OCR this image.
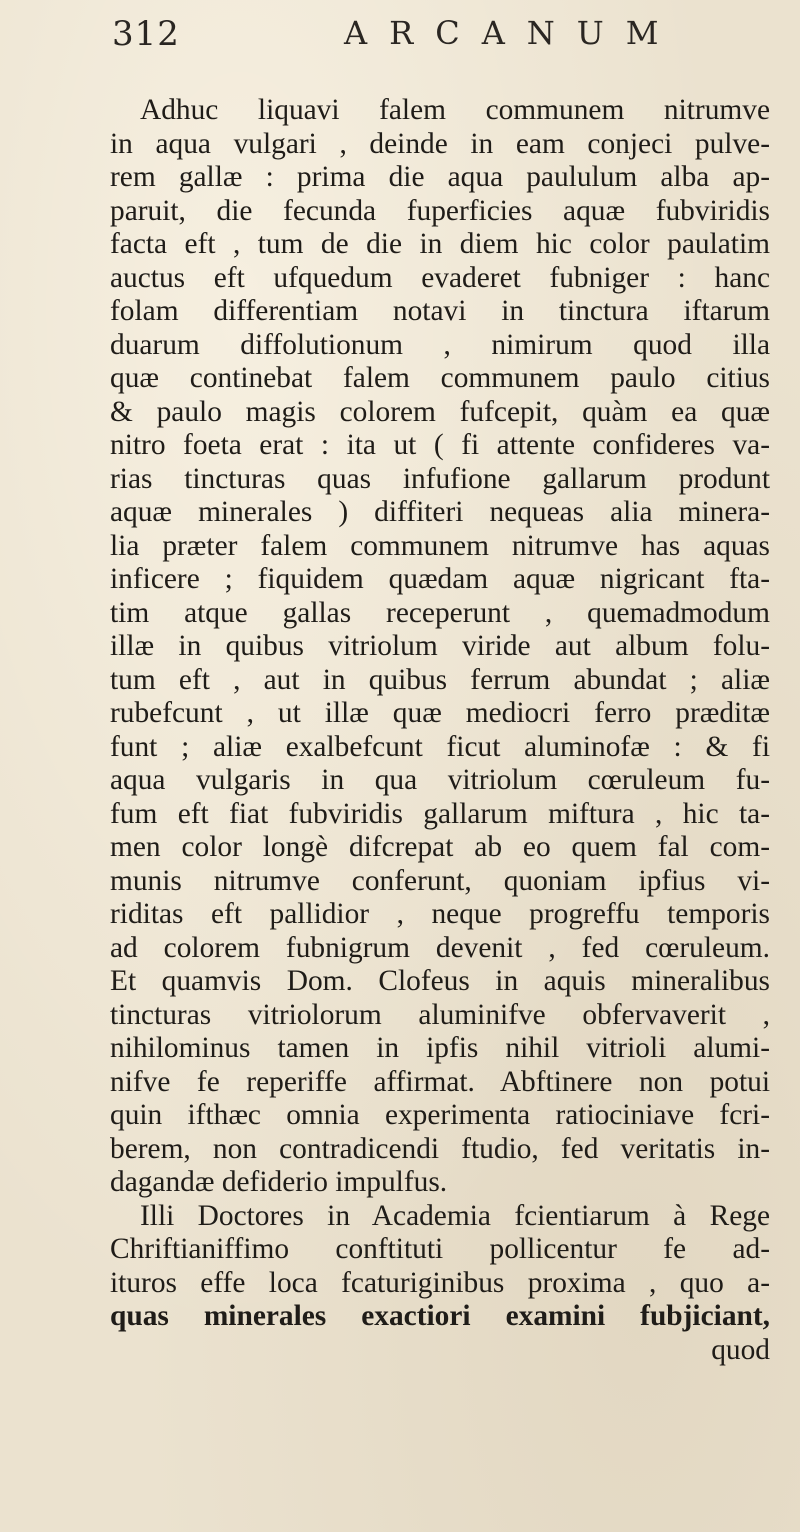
312	ARCANUM
Adhuc liquavi falem communem nitrumve
in aqua vulgari , deinde in eam conjeci pulve-
rem gallæ : prima die aqua paululum alba ap-
paruit, die fecunda fuperficies aquæ fubviridis
facta eft , tum de die in diem hic color paulatim
auctus eft ufquedum evaderet fubniger : hanc
folam differentiam notavi in tinctura iftarum
duarum diffolutionum , nimirum quod illa
quæ continebat falem communem paulo citius
& paulo magis colorem fufcepit, quàm ea quæ
nitro foeta erat : ita ut ( fi attente confideres va-
rias tincturas quas infufione gallarum produnt
aquæ minerales ) diffiteri nequeas alia minera-
lia præter falem communem nitrumve has aquas
inficere ; fiquidem quædam aquæ nigricant fta-
tim atque gallas receperunt , quemadmodum
illæ in quibus vitriolum viride aut album folu-
tum eft , aut in quibus ferrum abundat ; aliæ
rubefcunt , ut illæ quæ mediocri ferro præditæ
funt ; aliæ exalbefcunt ficut aluminofæ : & fi
aqua vulgaris in qua vitriolum cœruleum fu-
fum eft fiat fubviridis gallarum miftura , hic ta-
men color longè difcrepat ab eo quem fal com-
munis nitrumve conferunt, quoniam ipfius vi-
riditas eft pallidior , neque progreffu temporis
ad colorem fubnigrum devenit , fed cœruleum.
Et quamvis Dom. Clofeus in aquis mineralibus
tincturas vitriolorum aluminifve obfervaverit ,
nihilominus tamen in ipfis nihil vitrioli alumi-
nifve fe reperiffe affirmat. Abftinere non potui
quin ifthæc omnia experimenta ratiociniave fcri-
berem, non contradicendi ftudio, fed veritatis in-
dagandæ defiderio impulfus.
Illi Doctores in Academia fcientiarum à Rege
Chriftianiffimo conftituti pollicentur fe ad-
ituros effe loca fcaturiginibus proxima , quo a-
quas minerales exactiori examini fubjiciant,
quod
